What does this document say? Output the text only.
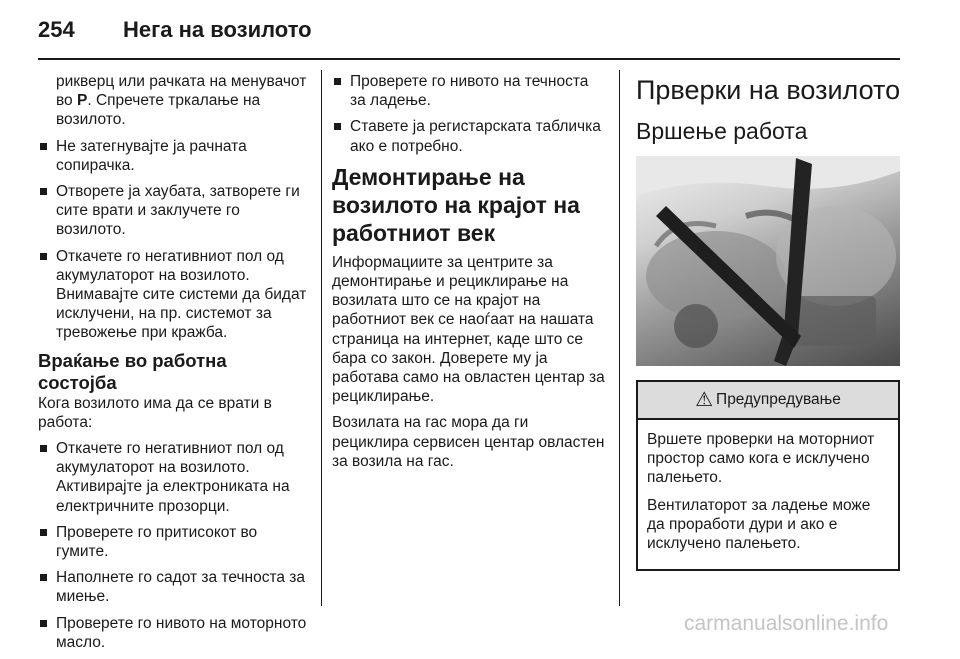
254	Нега на возилото

рикверц или рачката на менувачот во P. Спречете тркалање на возилото.

Не затегнувајте ја рачната сопирачка.
Отворете ја хаубата, затворете ги сите врати и заклучете го возилото.
Откачете го негативниот пол од акумулаторот на возилото. Внимавајте сите системи да бидат исклучени, на пр. системот за тревожење при кражба.
Враќање во работна состојба

Кога возилото има да се врати в работа:

Откачете го негативниот пол од акумулаторот на возилото. Активирајте ја електрониката на електричните прозорци.
Проверете го притисокот во гумите.
Наполнете го садот за течноста за миење.
Проверете го нивото на моторното масло.
Проверете го нивото на течноста за ладење.
Ставете ја регистарската табличка ако е потребно.
Демонтирање на возилото на крајот на работниот век

Информациите за центрите за демонтирање и рециклирање на возилата што се на крајот на работниот век се наоѓаат на нашата страница на интернет, каде што се бара со закон. Доверете му ја работава само на овластен центар за рециклирање.

Возилата на гас мора да ги рециклира сервисен центар овластен за возила на гас.

Прверки на возилото
Вршење работа
⚠ Предупредување

Вршете проверки на моторниот простор само кога е исклучено палењето.

Вентилаторот за ладење може да проработи дури и ако е исклучено палењето.

carmanualsonline.info
